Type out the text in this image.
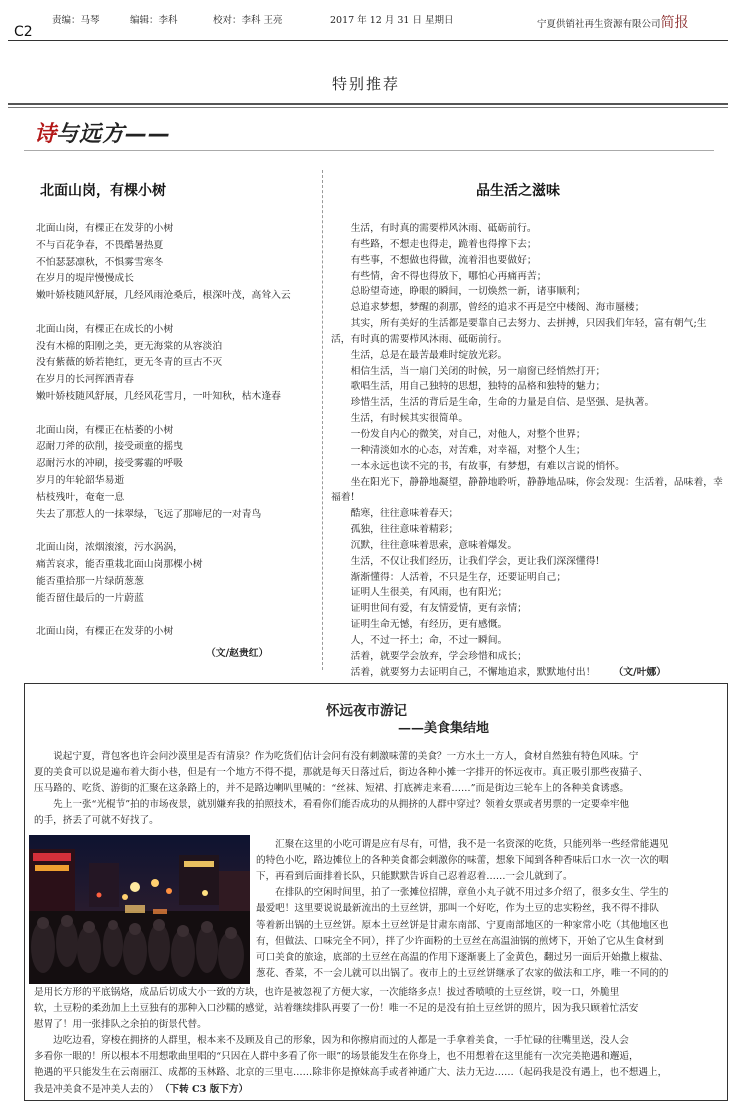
C2
责编：马琴	编辑：李科	校对：李科 王亮	2017 年 12 月 31 日 星期日	宁夏供销社再生资源有限公司简报
特别推荐
诗与远方——
北面山岗，有棵小树
北面山岗，有棵正在发芽的小树
不与百花争春，不畏酷暑热夏
不怕瑟瑟凛秋，不惧雾雪寒冬
在岁月的堤岸慢慢成长
嫩叶娇枝随风舒展，几经风雨沧桑后，根深叶茂，高耸入云
北面山岗，有棵正在成长的小树
没有木棉的阳刚之美，更无海棠的从容淡泊
没有紫薇的娇若艳红，更无冬青的亘古不灭
在岁月的长河挥洒青春
嫩叶娇枝随风舒展，几经风花雪月，一叶知秋，枯木逢春
北面山岗，有棵正在枯萎的小树
忍耐刀斧的砍削，接受顽童的摇曳
忍耐污水的冲刷，接受雾霾的呼吸
岁月的年轮韶华易逝
枯枝残叶，奄奄一息
失去了那惹人的一抹翠绿，飞远了那啼尼的一对青鸟
北面山岗，浓烟滚滚，污水涡涡，
痛苦哀求，能否重栽北面山岗那棵小树
能否重拾那一片绿荫葱葱
能否留住最后的一片蔚蓝
北面山岗，有棵正在发芽的小树
（文/赵贵红）
品生活之滋味
　　生活，有时真的需要栉风沐雨、砥砺前行。
　　有些路，不想走也得走，跪着也得撑下去；
　　有些事，不想做也得做，流着泪也要做好；
　　有些情，舍不得也得放下，哪怕心再痛再苦；
　　总盼望奇迹，睁眼的瞬间，一切焕然一新，诸事顺利；
　　总追求梦想，梦醒的刹那，曾经的追求不再是空中楼阁、海市蜃楼；
　　其实，所有美好的生活都是要靠自己去努力、去拼搏，只因我们年轻，富有朝气;生活，有时真的需要栉风沐雨、砥砺前行。
　　生活，总是在最苦最难时绽放光彩。
　　相信生活，当一扇门关闭的时候，另一扇窗已经悄然打开；
　　歌唱生活，用自己独特的思想，独特的品格和独特的魅力；
　　珍惜生活，生活的背后是生命，生命的力量是自信、是坚强、是执著。
　　生活，有时候其实很简单。
　　一份发自内心的微笑，对自己，对他人，对整个世界；
　　一种清淡如水的心态，对苦难，对幸福，对整个人生；
　　一本永远也读不完的书，有故事，有梦想，有难以言说的悄怀。
　　坐在阳光下，静静地凝望，静静地聆听，静静地品味，你会发现：生活着，品味着，幸福着!
　　酷寒，往往意味着春天；
　　孤独，往往意味着精彩；
　　沉默，往往意味着思索，意味着爆发。
　　生活，不仅让我们经历，让我们学会，更让我们深深懂得!
　　渐渐懂得：人活着，不只是生存，还要证明自己；
　　证明人生很美，有风雨，也有阳光；
　　证明世间有爱，有友情爱情，更有亲情；
　　证明生命无憾，有经历，更有感慨。
　　人，不过一抔土；命，不过一瞬间。
　　活着，就要学会放弃，学会珍惜和成长；
　　活着，就要努力去证明自己，不懈地追求，默默地付出！ （文/叶娜）
怀远夜市游记
——美食集结地
　　说起宁夏，背包客也许会问沙漠里是否有清泉？作为吃货们估计会问有没有刺激味蕾的美食？一方水土一方人，食材自然独有特色风味。宁
夏的美食可以说是遍布着大街小巷，但是有一个地方不得不提，那就是每天日落过后，街边各种小摊一字排开的怀远夜市。真正吸引那些夜猫子、
压马路的、吃货、游街的汇聚在这条路上的，并不是路边喇叭里喊的：“丝袜、短裙、打底裤走来看……”而是街边三轮车上的各种美食诱惑。
　　先上一张“光棍节”拍的市场夜景，就别嫌弃我的拍照技术，看看你们能否成功的从拥挤的人群中穿过？领着女票或者男票的一定要牵牢他
的手，挤丢了可就不好找了。
　　汇聚在这里的小吃可谓是应有尽有，可惜，我不是一名资深的吃货，只能列举一些经常能遇见
的特色小吃，路边摊位上的各种美食都会刺激你的味蕾，想象下闻到各种香味后口水一次一次的咽
下，再看到后面排着长队，只能默默告诉自己忍着忍着……一会儿就到了。
　　在排队的空闲时间里，拍了一张摊位招牌，章鱼小丸子就不用过多介绍了，很多女生、学生的
最爱吧！这里要说说最新流出的土豆丝饼，那叫一个好吃，作为土豆的忠实粉丝，我不得不排队
等着新出锅的土豆丝饼。原本土豆丝饼是甘肃东南部、宁夏南部地区的一种家常小吃（其他地区也
有，但做法、口味完全不同），拌了少许面粉的土豆丝在高温油锅的煎烤下，开始了它从生食材到
可口美食的旅途，底部的土豆丝在高温的作用下逐渐裹上了金黄色，翻过另一面后开始撒上椒盐、
葱花、香菜，不一会儿就可以出锅了。夜市上的土豆丝饼继承了农家的做法和工序，唯一不同的的
是用长方形的平底锅烙，成品后切成大小一致的方块，也许是被忽视了方便大家，一次能络多点！拔过香喷喷的土豆丝饼，咬一口，外脆里
软，土豆粉的柔劲加上土豆独有的那种入口沙糯的感觉，站着继续排队再要了一份！唯一不足的是没有拍土豆丝饼的照片，因为我只顾着忙活安
慰胃了！用一张排队之余拍的街景代替。
　　边吃边看，穿梭在拥挤的人群里，根本来不及顾及自己的形象，因为和你擦肩而过的人都是一手拿着美食，一手忙碌的往嘴里送，没人会
多看你一眼的！所以根本不用想歌曲里唱的“只因在人群中多看了你一眼”的场景能发生在你身上，也不用想着在这里能有一次完美艳遇和邂逅，
艳遇的平只能发生在云南丽江、成都的玉林路、北京的三里屯……除非你是撩妹高手或者神通广大、法力无边……（起码我是没有遇上，也不想遇上，
我是冲美食不是冲美人去的） （下转 C3 版下方）
